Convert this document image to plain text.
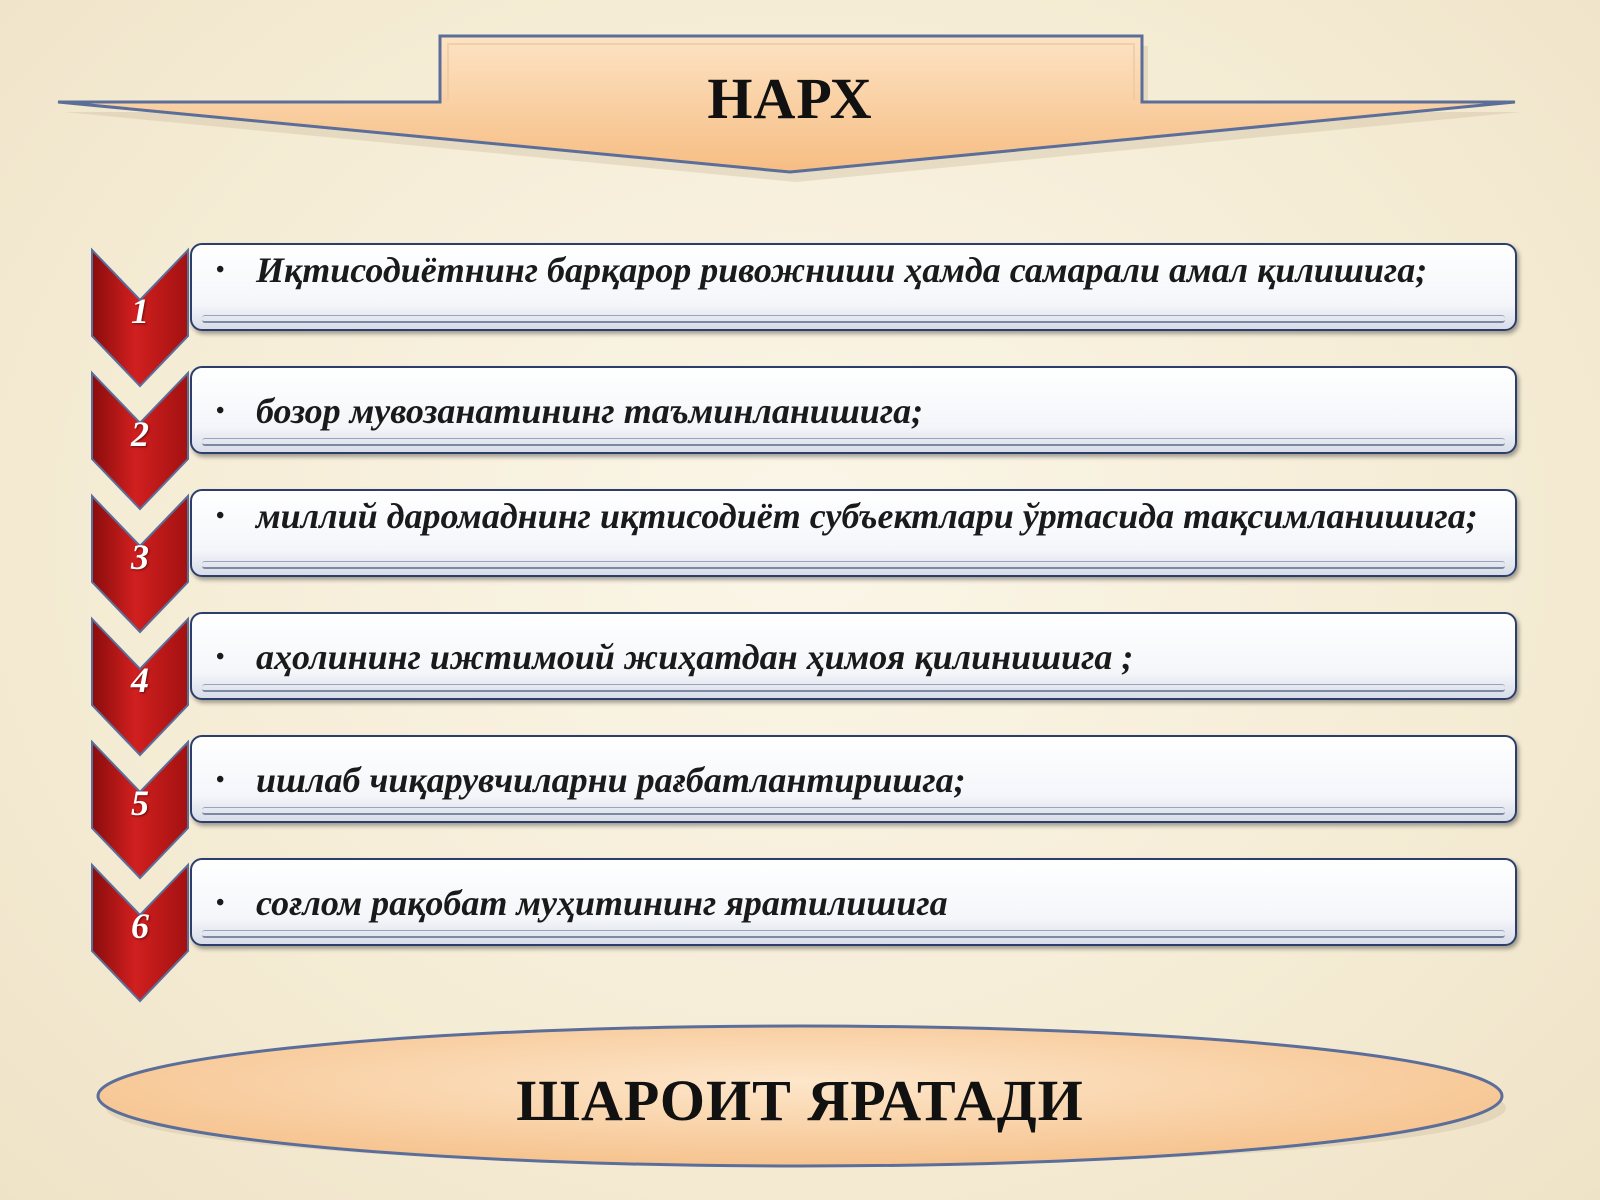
НАРХ
• Иқтисодиётнинг барқарор ривожниши ҳамда самарали амал қилишига;
1
• бозор мувозанатининг таъминланишига;
2
• миллий даромаднинг иқтисодиёт субъектлари ўртасида тақсимланишига;
3
• аҳолининг ижтимоий жиҳатдан ҳимоя қилинишига ;
4
• ишлаб чиқарувчиларни рағбатлантиришга;
5
• соғлом рақобат муҳитининг яратилишига
6
ШАРОИТ ЯРАТАДИ
